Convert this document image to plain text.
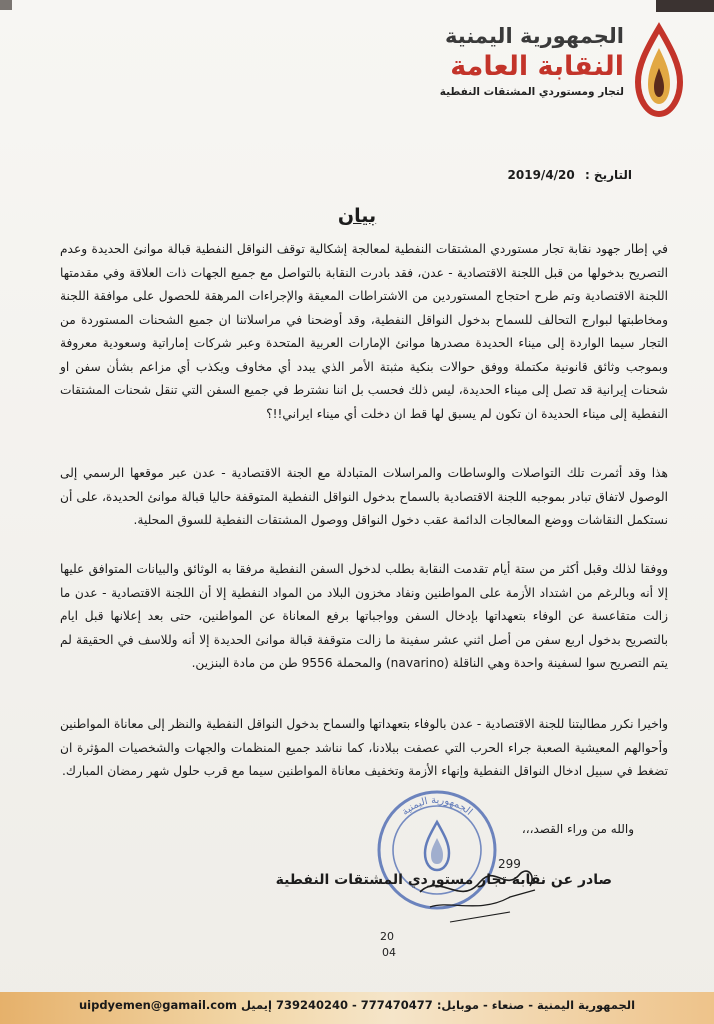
الجمهورية اليمنية
النقابة العامة
لتجار ومستوردي المشتقات النفطية
التاريخ : 2019/4/20
بيان
في إطار جهود نقابة تجار مستوردي المشتقات النفطية لمعالجة إشكالية توقف النواقل النفطية قبالة موانئ الحديدة وعدم التصريح بدخولها من قبل اللجنة الاقتصادية - عدن، فقد بادرت النقابة بالتواصل مع جميع الجهات ذات العلاقة وفي مقدمتها اللجنة الاقتصادية وتم طرح احتجاج المستوردين من الاشتراطات المعيقة والإجراءات المرهقة للحصول على موافقة اللجنة ومخاطبتها لبوارج التحالف للسماح بدخول النواقل النفطية، وقد أوضحنا في مراسلاتنا ان جميع الشحنات المستوردة من التجار سيما الواردة إلى ميناء الحديدة مصدرها موانئ الإمارات العربية المتحدة وعبر شركات إماراتية وسعودية معروفة وبموجب وثائق قانونية مكتملة ووفق حوالات بنكية مثبتة الأمر الذي يبدد أي مخاوف ويكذب أي مزاعم بشأن سفن او شحنات إيرانية قد تصل إلى ميناء الحديدة، ليس ذلك فحسب بل اننا نشترط في جميع السفن التي تنقل شحنات المشتقات النفطية إلى ميناء الحديدة ان تكون لم يسبق لها قط ان دخلت أي ميناء ايراني!!؟
هذا وقد أثمرت تلك التواصلات والوساطات والمراسلات المتبادلة مع الجنة الاقتصادية - عدن عبر موقعها الرسمي إلى الوصول لاتفاق تبادر بموجبه اللجنة الاقتصادية بالسماح بدخول النواقل النفطية المتوقفة حاليا قبالة موانئ الحديدة، على أن نستكمل النقاشات ووضع المعالجات الدائمة عقب دخول النواقل ووصول المشتقات النفطية للسوق المحلية.
ووفقا لذلك وقبل أكثر من ستة أيام تقدمت النقابة بطلب لدخول السفن النفطية مرفقا به الوثائق والبيانات المتوافق عليها إلا أنه وبالرغم من اشتداد الأزمة على المواطنين ونفاد مخزون البلاد من المواد النفطية إلا أن اللجنة الاقتصادية - عدن ما زالت متقاعسة عن الوفاء بتعهداتها بإدخال السفن وواجباتها برفع المعاناة عن المواطنين، حتى بعد إعلانها قبل ايام بالتصريح بدخول اربع سفن من أصل اثني عشر سفينة ما زالت متوقفة قبالة موانئ الحديدة إلا أنه وللاسف في الحقيقة لم يتم التصريح سوا لسفينة واحدة وهي الناقلة (navarino) والمحملة 9556 طن من مادة البنزين.
واخيرا نكرر مطالبتنا للجنة الاقتصادية - عدن بالوفاء بتعهداتها والسماح بدخول النواقل النفطية والنظر إلى معاناة المواطنين وأحوالهم المعيشية الصعبة جراء الحرب التي عصفت ببلادنا، كما نناشد جميع المنظمات والجهات والشخصيات المؤثرة ان تضغط في سبيل ادخال النواقل النفطية وإنهاء الأزمة وتخفيف معاناة المواطنين سيما مع قرب حلول شهر رمضان المبارك.
والله من وراء القصد،،،
الجمهورية اليمنية
صادر عن نقابة تجار مستوردي المشتقات النفطية
299
20
04
الجمهورية اليمنية - صنعاء - موبايل: 739240240 - 777470477 إيميل uipdyemen@gamail.com
